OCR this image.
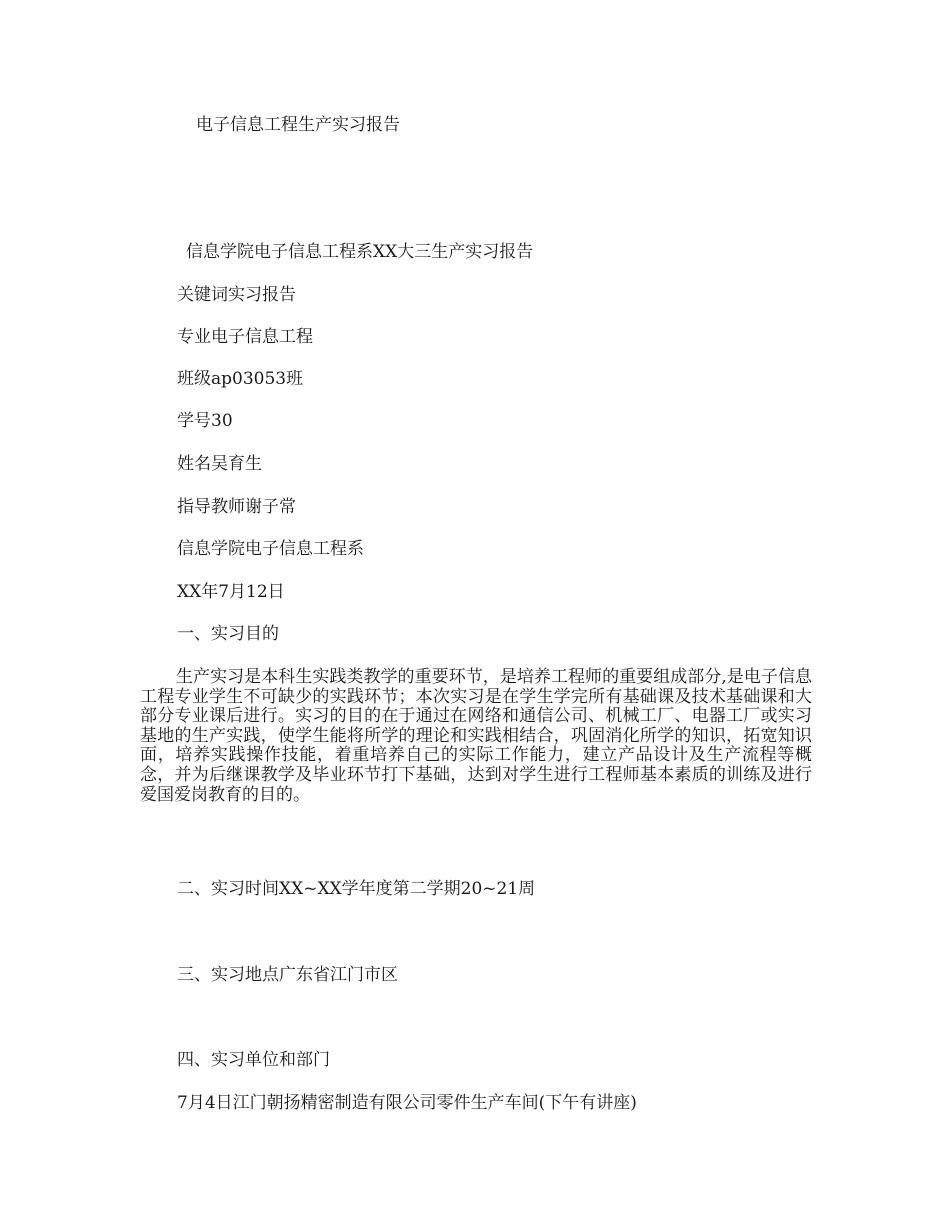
电子信息工程生产实习报告
信息学院电子信息工程系XX大三生产实习报告
关键词实习报告
专业电子信息工程
班级ap03053班
学号30
姓名吴育生
指导教师谢子常
信息学院电子信息工程系
XX年7月12日
一、实习目的
生产实习是本科生实践类教学的重要环节，是培养工程师的重要组成部分,是电子信息工程专业学生不可缺少的实践环节；本次实习是在学生学完所有基础课及技术基础课和大部分专业课后进行。实习的目的在于通过在网络和通信公司、机械工厂、电器工厂或实习基地的生产实践，使学生能将所学的理论和实践相结合，巩固消化所学的知识，拓宽知识面，培养实践操作技能，着重培养自己的实际工作能力，建立产品设计及生产流程等概念，并为后继课教学及毕业环节打下基础，达到对学生进行工程师基本素质的训练及进行爱国爱岗教育的目的。
二、实习时间XX~XX学年度第二学期20~21周
三、实习地点广东省江门市区
四、实习单位和部门
7月4日江门朝扬精密制造有限公司零件生产车间(下午有讲座)
